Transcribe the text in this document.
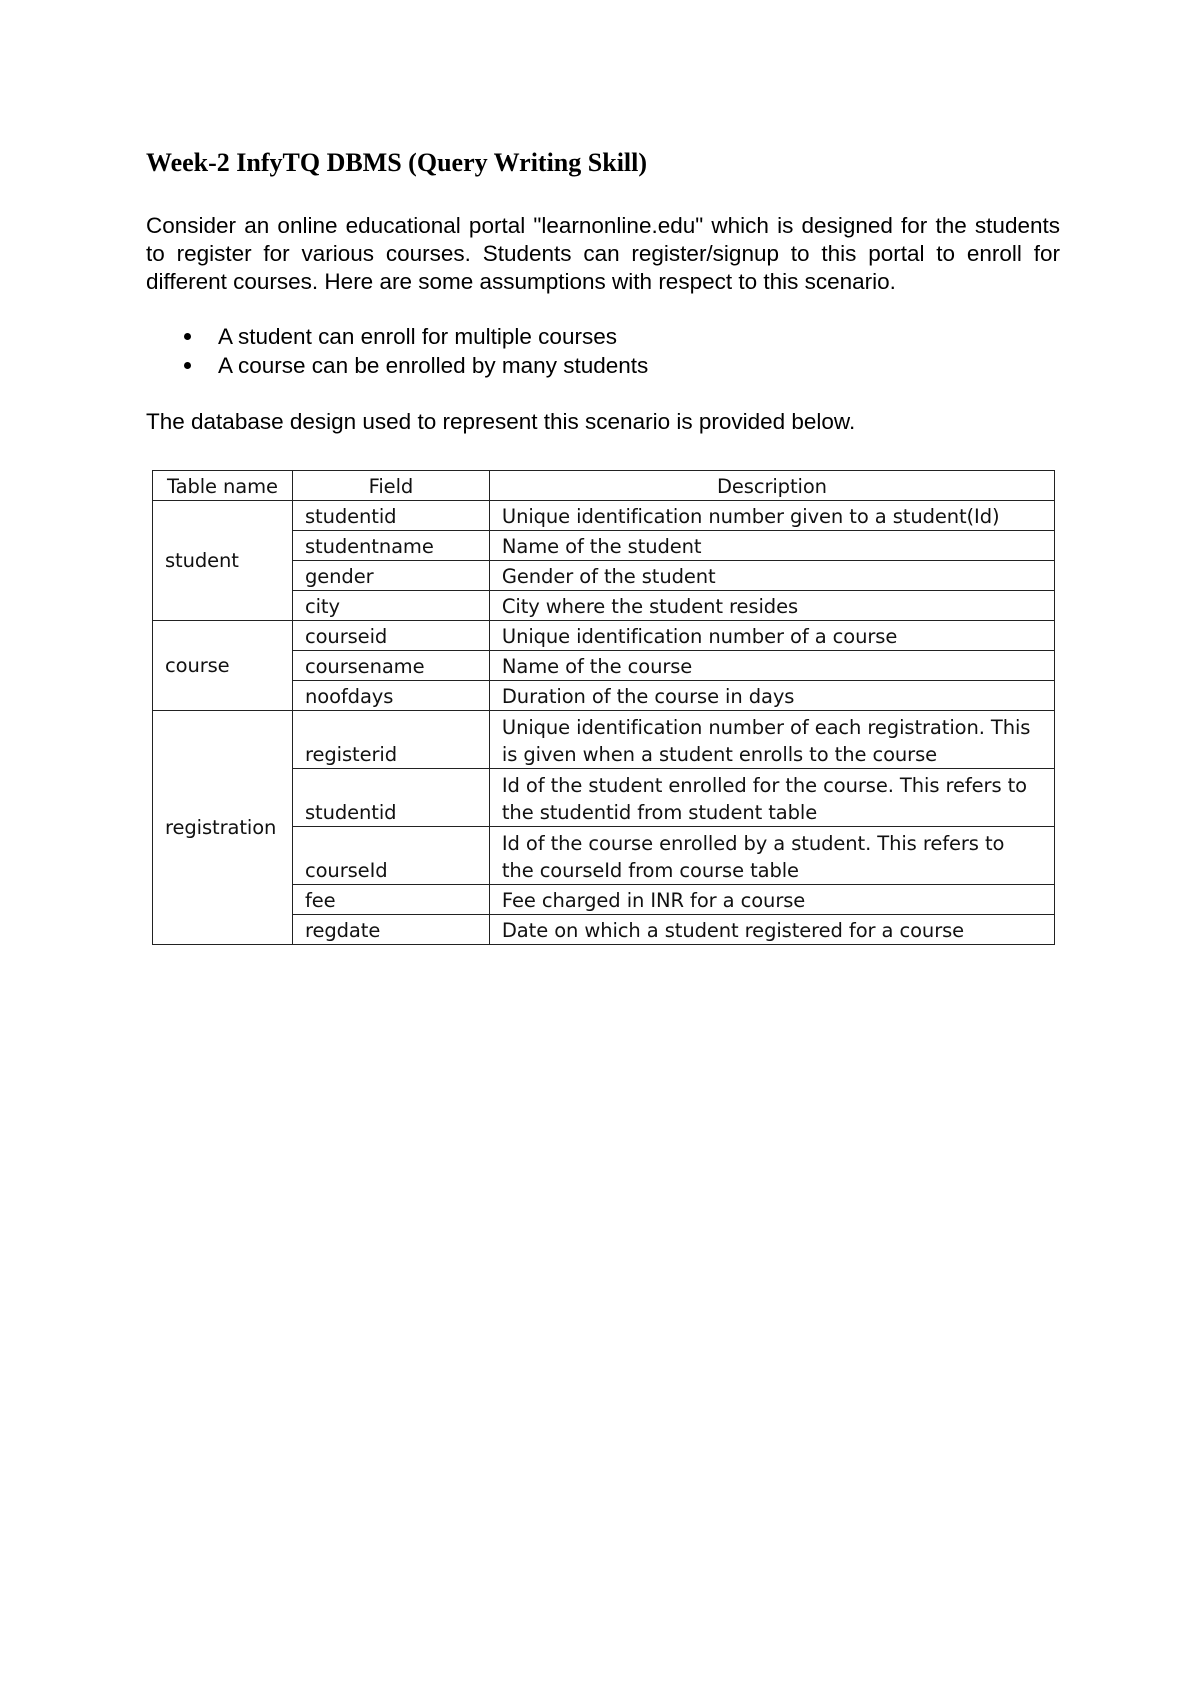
Week-2 InfyTQ DBMS (Query Writing Skill)

Consider an online educational portal "learnonline.edu" which is designed for the students to register for various courses. Students can register/signup to this portal to enroll for different courses. Here are some assumptions with respect to this scenario.

A student can enroll for multiple courses
A course can be enrolled by many students

The database design used to represent this scenario is provided below.

Table name	Field	Description
student	studentid	Unique identification number given to a student(Id)
	studentname	Name of the student
	gender	Gender of the student
	city	City where the student resides
course	courseid	Unique identification number of a course
	coursename	Name of the course
	noofdays	Duration of the course in days
registration	registerid	Unique identification number of each registration. This is given when a student enrolls to the course
	studentid	Id of the student enrolled for the course. This refers to the studentid from student table
	courseId	Id of the course enrolled by a student. This refers to the courseId from course table
	fee	Fee charged in INR for a course
	regdate	Date on which a student registered for a course
